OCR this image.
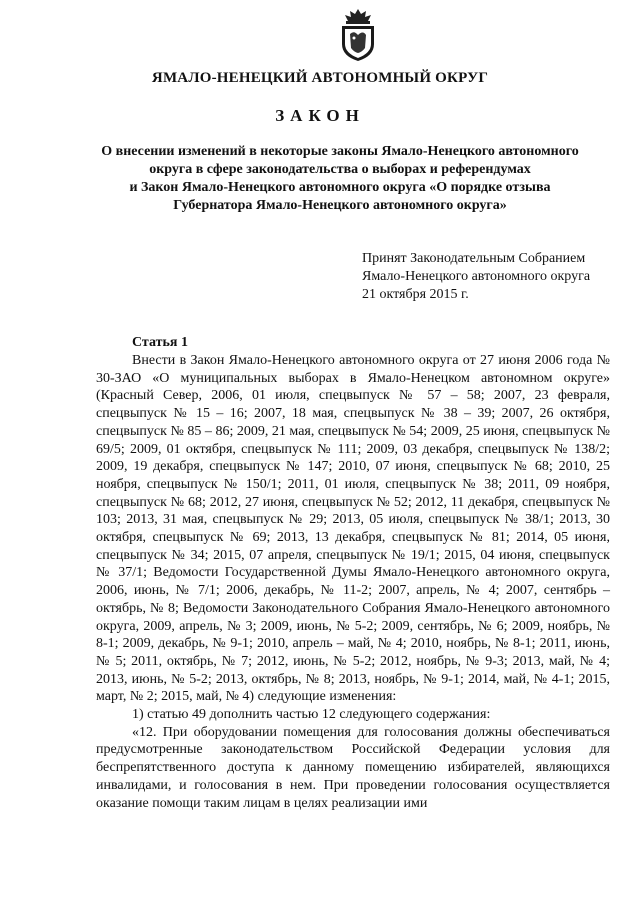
ЯМАЛО-НЕНЕЦКИЙ АВТОНОМНЫЙ ОКРУГ
ЗАКОН
О внесении изменений в некоторые законы Ямало-Ненецкого автономного
округа в сфере законодательства о выборах и референдумах
и Закон Ямало-Ненецкого автономного округа «О порядке отзыва
Губернатора Ямало-Ненецкого автономного округа»
Принят Законодательным Собранием
Ямало-Ненецкого автономного округа
21 октября 2015 г.
Статья 1

Внести в Закон Ямало-Ненецкого автономного округа от 27 июня 2006 года № 30-ЗАО «О муниципальных выборах в Ямало-Ненецком автономном округе» (Красный Север, 2006, 01 июля, спецвыпуск № 57 – 58; 2007, 23 февраля, спецвыпуск № 15 – 16; 2007, 18 мая, спецвыпуск № 38 – 39; 2007, 26 октября, спецвыпуск № 85 – 86; 2009, 21 мая, спецвыпуск № 54; 2009, 25 июня, спецвыпуск № 69/5; 2009, 01 октября, спецвыпуск № 111; 2009, 03 декабря, спецвыпуск № 138/2; 2009, 19 декабря, спецвыпуск № 147; 2010, 07 июня, спецвыпуск № 68; 2010, 25 ноября, спецвыпуск № 150/1; 2011, 01 июля, спецвыпуск № 38; 2011, 09 ноября, спецвыпуск № 68; 2012, 27 июня, спецвыпуск № 52; 2012, 11 декабря, спецвыпуск № 103; 2013, 31 мая, спецвыпуск № 29; 2013, 05 июля, спецвыпуск № 38/1; 2013, 30 октября, спецвыпуск № 69; 2013, 13 декабря, спецвыпуск № 81; 2014, 05 июня, спецвыпуск № 34; 2015, 07 апреля, спецвыпуск № 19/1; 2015, 04 июня, спецвыпуск № 37/1; Ведомости Государственной Думы Ямало-Ненецкого автономного округа, 2006, июнь, № 7/1; 2006, декабрь, № 11-2; 2007, апрель, № 4; 2007, сентябрь – октябрь, № 8; Ведомости Законодательного Собрания Ямало-Ненецкого автономного округа, 2009, апрель, № 3; 2009, июнь, № 5-2; 2009, сентябрь, № 6; 2009, ноябрь, № 8-1; 2009, декабрь, № 9-1; 2010, апрель – май, № 4; 2010, ноябрь, № 8-1; 2011, июнь, № 5; 2011, октябрь, № 7; 2012, июнь, № 5-2; 2012, ноябрь, № 9-3; 2013, май, № 4; 2013, июнь, № 5-2; 2013, октябрь, № 8; 2013, ноябрь, № 9-1; 2014, май, № 4-1; 2015, март, № 2; 2015, май, № 4) следующие изменения:

1) статью 49 дополнить частью 12 следующего содержания:

«12. При оборудовании помещения для голосования должны обеспечиваться предусмотренные законодательством Российской Федерации условия для беспрепятственного доступа к данному помещению избирателей, являющихся инвалидами, и голосования в нем. При проведении голосования осуществляется оказание помощи таким лицам в целях реализации ими
